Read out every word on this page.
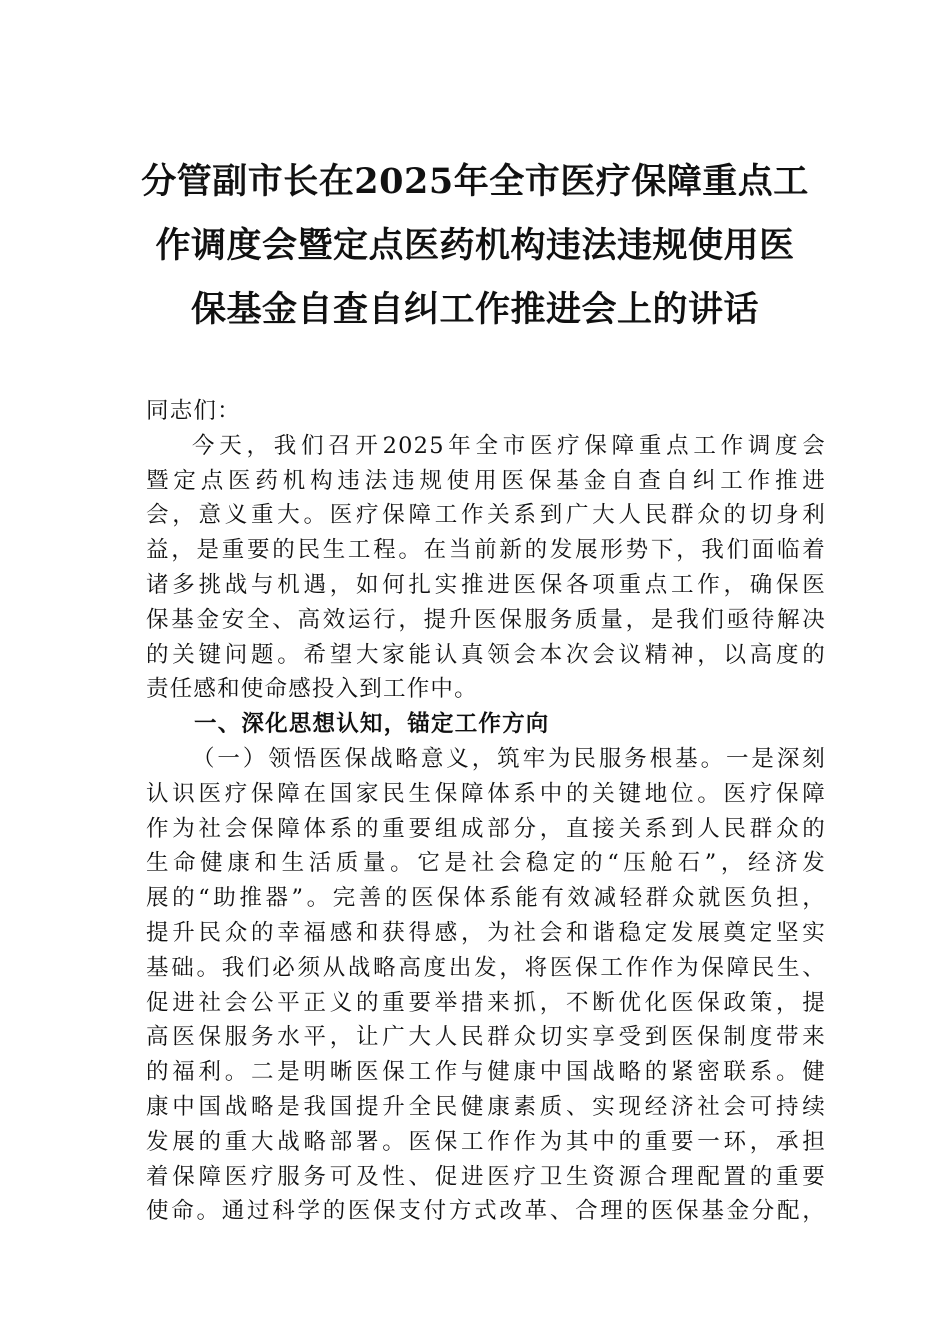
分管副市长在2025年全市医疗保障重点工
作调度会暨定点医药机构违法违规使用医
保基金自查自纠工作推进会上的讲话
同志们：
今天，我们召开2025年全市医疗保障重点工作调度会
暨定点医药机构违法违规使用医保基金自查自纠工作推进
会，意义重大。医疗保障工作关系到广大人民群众的切身利
益，是重要的民生工程。在当前新的发展形势下，我们面临着
诸多挑战与机遇，如何扎实推进医保各项重点工作，确保医
保基金安全、高效运行，提升医保服务质量，是我们亟待解决
的关键问题。希望大家能认真领会本次会议精神，以高度的
责任感和使命感投入到工作中。
一、深化思想认知，锚定工作方向
（一）领悟医保战略意义，筑牢为民服务根基。一是深刻
认识医疗保障在国家民生保障体系中的关键地位。医疗保障
作为社会保障体系的重要组成部分，直接关系到人民群众的
生命健康和生活质量。它是社会稳定的“压舱石”，经济发
展的“助推器”。完善的医保体系能有效减轻群众就医负担，
提升民众的幸福感和获得感，为社会和谐稳定发展奠定坚实
基础。我们必须从战略高度出发，将医保工作作为保障民生、
促进社会公平正义的重要举措来抓，不断优化医保政策，提
高医保服务水平，让广大人民群众切实享受到医保制度带来
的福利。二是明晰医保工作与健康中国战略的紧密联系。健
康中国战略是我国提升全民健康素质、实现经济社会可持续
发展的重大战略部署。医保工作作为其中的重要一环，承担
着保障医疗服务可及性、促进医疗卫生资源合理配置的重要
使命。通过科学的医保支付方式改革、合理的医保基金分配，
